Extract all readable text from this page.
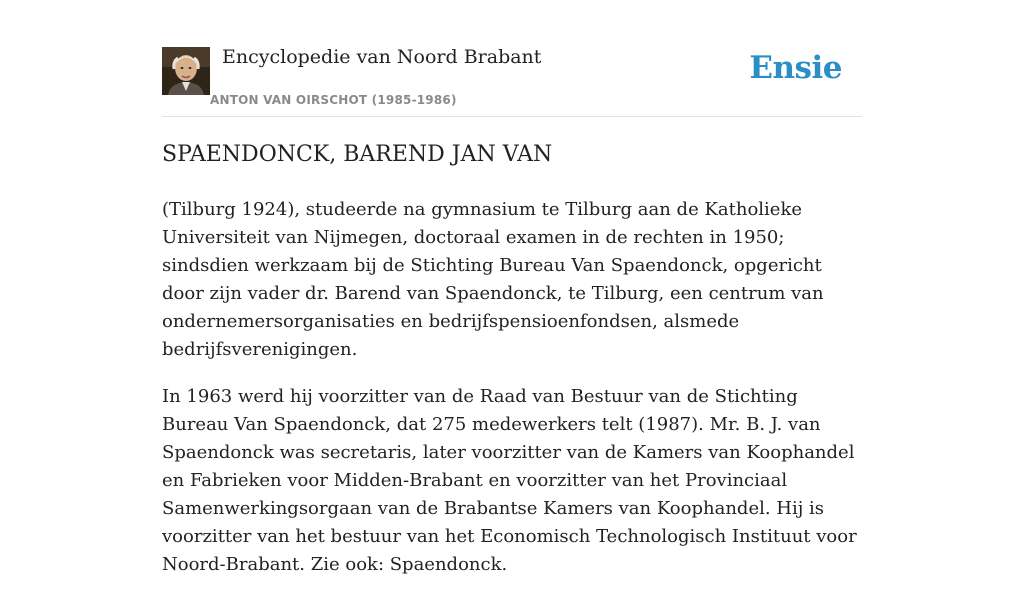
Encyclopedie van Noord Brabant
ANTON VAN OIRSCHOT (1985-1986)
Ensie
SPAENDONCK, BAREND JAN VAN

(Tilburg 1924), studeerde na gymnasium te Tilburg aan de Katholieke Universiteit van Nijmegen, doctoraal examen in de rechten in 1950; sindsdien werkzaam bij de Stichting Bureau Van Spaendonck, opgericht door zijn vader dr. Barend van Spaendonck, te Tilburg, een centrum van ondernemersorganisaties en bedrijfspensioenfondsen, alsmede bedrijfsverenigingen.

In 1963 werd hij voorzitter van de Raad van Bestuur van de Stichting Bureau Van Spaendonck, dat 275 medewerkers telt (1987). Mr. B. J. van Spaendonck was secretaris, later voorzitter van de Kamers van Koophandel en Fabrieken voor Midden-Brabant en voorzitter van het Provinciaal Samenwerkingsorgaan van de Brabantse Kamers van Koophandel. Hij is voorzitter van het bestuur van het Economisch Technologisch Instituut voor Noord-Brabant. Zie ook: Spaendonck.
